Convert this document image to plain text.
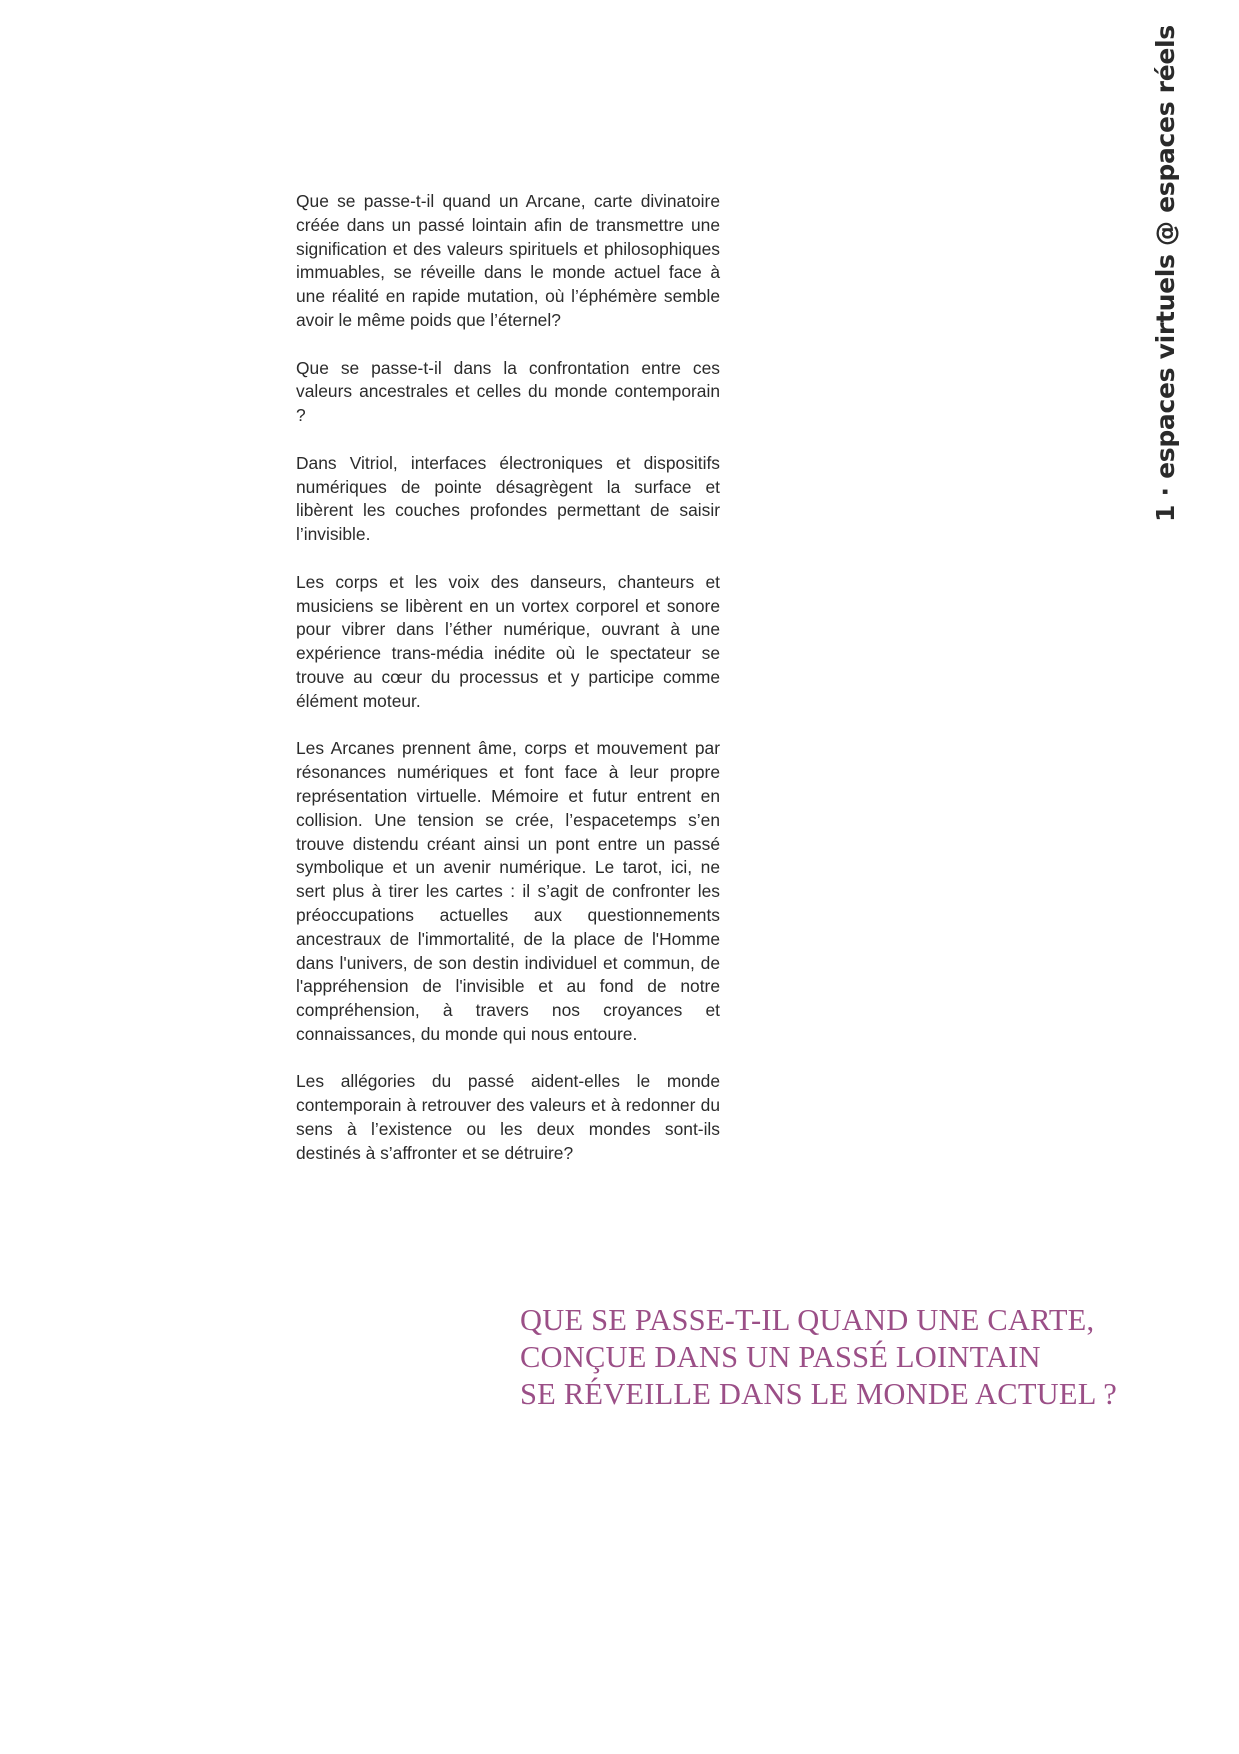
1 · espaces virtuels @ espaces réels

Que se passe-t-il quand un Arcane, carte divinatoire créée dans un passé lointain afin de transmettre une signification et des valeurs spirituels et philosophiques immuables, se réveille dans le monde actuel face à une réalité en rapide mutation, où l’éphémère semble avoir le même poids que l’éternel?

Que se passe-t-il dans la confrontation entre ces valeurs ancestrales et celles du monde contemporain ?

Dans Vitriol, interfaces électroniques et dispositifs numériques de pointe désagrègent la surface et libèrent les couches profondes permettant de saisir l’invisible.

Les corps et les voix des danseurs, chanteurs et musiciens se libèrent en un vortex corporel et sonore pour vibrer dans l’éther numérique, ouvrant à une expérience trans-média inédite où le spectateur se trouve au cœur du processus et y participe comme élément moteur.

Les Arcanes prennent âme, corps et mouvement par résonances numériques et font face à leur propre représentation virtuelle. Mémoire et futur entrent en collision. Une tension se crée, l’espacetemps s’en trouve distendu créant ainsi un pont entre un passé symbolique et un avenir numérique. Le tarot, ici, ne sert plus à tirer les cartes : il s’agit de confronter les préoccupations actuelles aux questionnements ancestraux de l'immortalité, de la place de l'Homme dans l'univers, de son destin individuel et commun, de l'appréhension de l'invisible et au fond de notre compréhension, à travers nos croyances et connaissances, du monde qui nous entoure.

Les allégories du passé aident-elles le monde contemporain à retrouver des valeurs et à redonner du sens à l’existence ou les deux mondes sont-ils destinés à s’affronter et se détruire?

QUE SE PASSE-T-IL QUAND UNE CARTE,
CONÇUE DANS UN PASSÉ LOINTAIN
SE RÉVEILLE DANS LE MONDE ACTUEL ?
